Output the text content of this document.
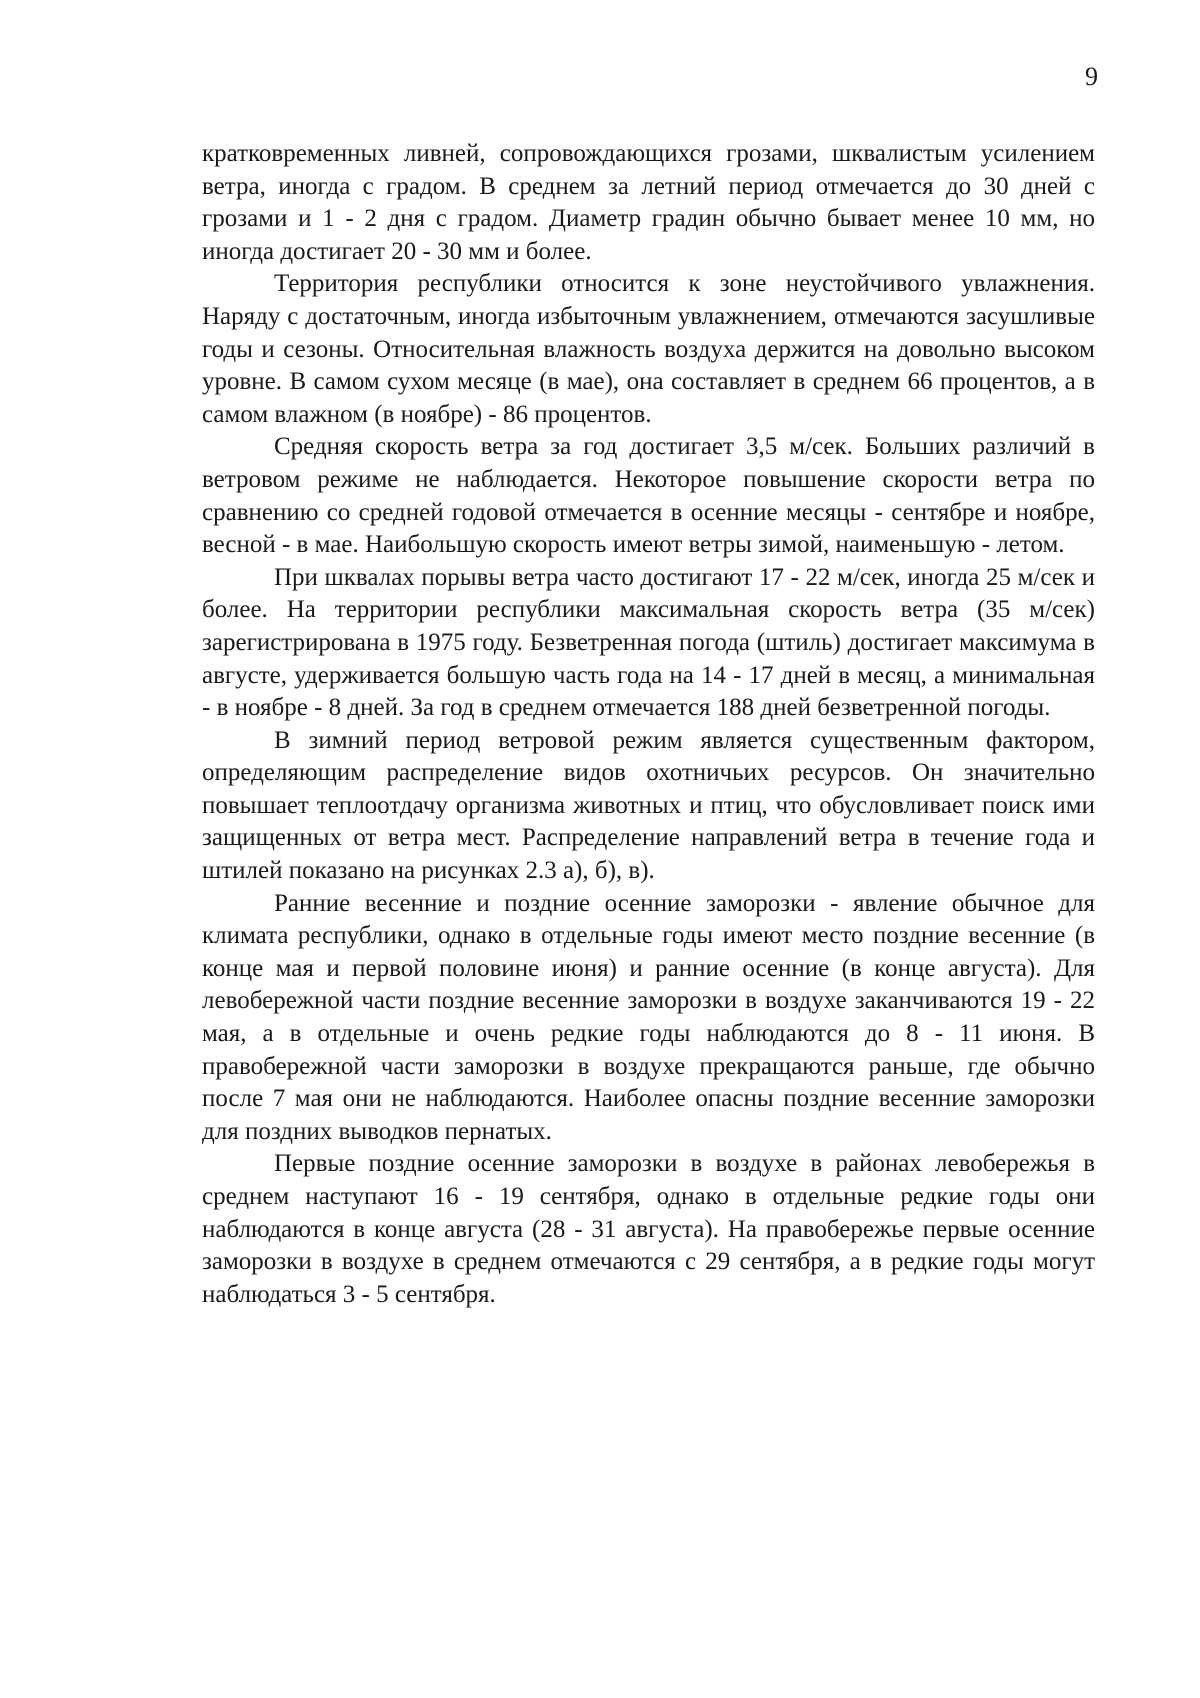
9

кратковременных ливней, сопровождающихся грозами, шквалистым усилением ветра, иногда с градом. В среднем за летний период отмечается до 30 дней с грозами и 1 - 2 дня с градом. Диаметр градин обычно бывает менее 10 мм, но иногда достигает 20 - 30 мм и более.

Территория республики относится к зоне неустойчивого увлажнения. Наряду с достаточным, иногда избыточным увлажнением, отмечаются засушливые годы и сезоны. Относительная влажность воздуха держится на довольно высоком уровне. В самом сухом месяце (в мае), она составляет в среднем 66 процентов, а в самом влажном (в ноябре) - 86 процентов.

Средняя скорость ветра за год достигает 3,5 м/сек. Больших различий в ветровом режиме не наблюдается. Некоторое повышение скорости ветра по сравнению со средней годовой отмечается в осенние месяцы - сентябре и ноябре, весной - в мае. Наибольшую скорость имеют ветры зимой, наименьшую - летом.

При шквалах порывы ветра часто достигают 17 - 22 м/сек, иногда 25 м/сек и более. На территории республики максимальная скорость ветра (35 м/сек) зарегистрирована в 1975 году. Безветренная погода (штиль) достигает максимума в августе, удерживается большую часть года на 14 - 17 дней в месяц, а минимальная - в ноябре - 8 дней. За год в среднем отмечается 188 дней безветренной погоды.

В зимний период ветровой режим является существенным фактором, определяющим распределение видов охотничьих ресурсов. Он значительно повышает теплоотдачу организма животных и птиц, что обусловливает поиск ими защищенных от ветра мест. Распределение направлений ветра в течение года и штилей показано на рисунках 2.3 а), б), в).

Ранние весенние и поздние осенние заморозки - явление обычное для климата республики, однако в отдельные годы имеют место поздние весенние (в конце мая и первой половине июня) и ранние осенние (в конце августа). Для левобережной части поздние весенние заморозки в воздухе заканчиваются 19 - 22 мая, а в отдельные и очень редкие годы наблюдаются до 8 - 11 июня. В правобережной части заморозки в воздухе прекращаются раньше, где обычно после 7 мая они не наблюдаются. Наиболее опасны поздние весенние заморозки для поздних выводков пернатых.

Первые поздние осенние заморозки в воздухе в районах левобережья в среднем наступают 16 - 19 сентября, однако в отдельные редкие годы они наблюдаются в конце августа (28 - 31 августа). На правобережье первые осенние заморозки в воздухе в среднем отмечаются с 29 сентября, а в редкие годы могут наблюдаться 3 - 5 сентября.
